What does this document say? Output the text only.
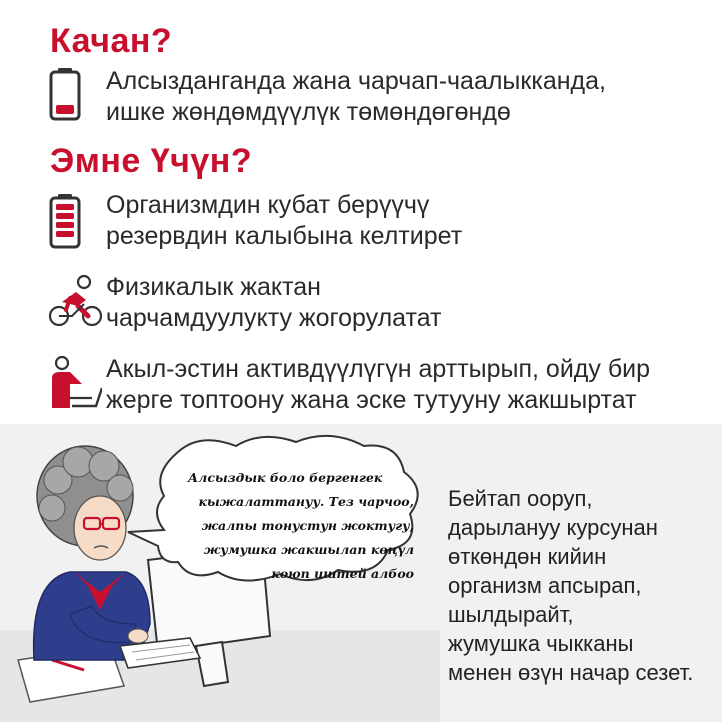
Качан?
Алсызданганда жана чарчап-чаалыкканда,
ишке жөндөмдүүлүк төмөндөгөндө
Эмне Үчүн?
Организмдин кубат берүүчү
резервдин калыбына келтирет
Физикалык жактан
чарчамдуулукту жогорулатат
Акыл-эстин активдүүлүгүн арттырып, ойду бир
жерге топтоону жана эске тутууну жакшыртат
Алсыздык боло бергенгек
кыжалаттануу. Тез чарчоо,
жалпы тонустун жоктугу,
жумушка жакшылап көңүл
коюп иштей албоо
Бейтап ооруп,
дарылануу курсунан
өткөндөн кийин
организм апсырап,
шылдырайт,
жумушка чыкканы
менен өзүн начар сезет.
